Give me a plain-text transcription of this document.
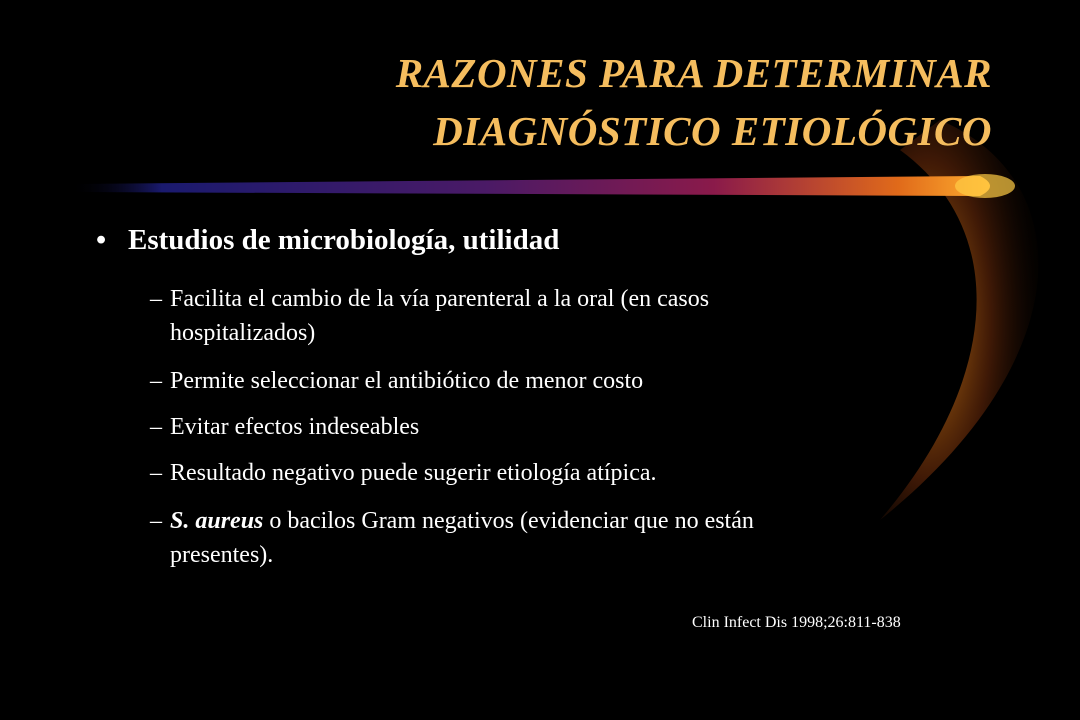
RAZONES PARA DETERMINAR
DIAGNÓSTICO ETIOLÓGICO
• Estudios de microbiología, utilidad
– Facilita el cambio de la vía parenteral a la oral (en casos
hospitalizados)
– Permite seleccionar el antibiótico de menor costo
– Evitar efectos indeseables
– Resultado negativo puede sugerir etiología atípica.
– S. aureus o bacilos Gram negativos (evidenciar que no están
presentes).
Clin Infect Dis 1998;26:811-838
